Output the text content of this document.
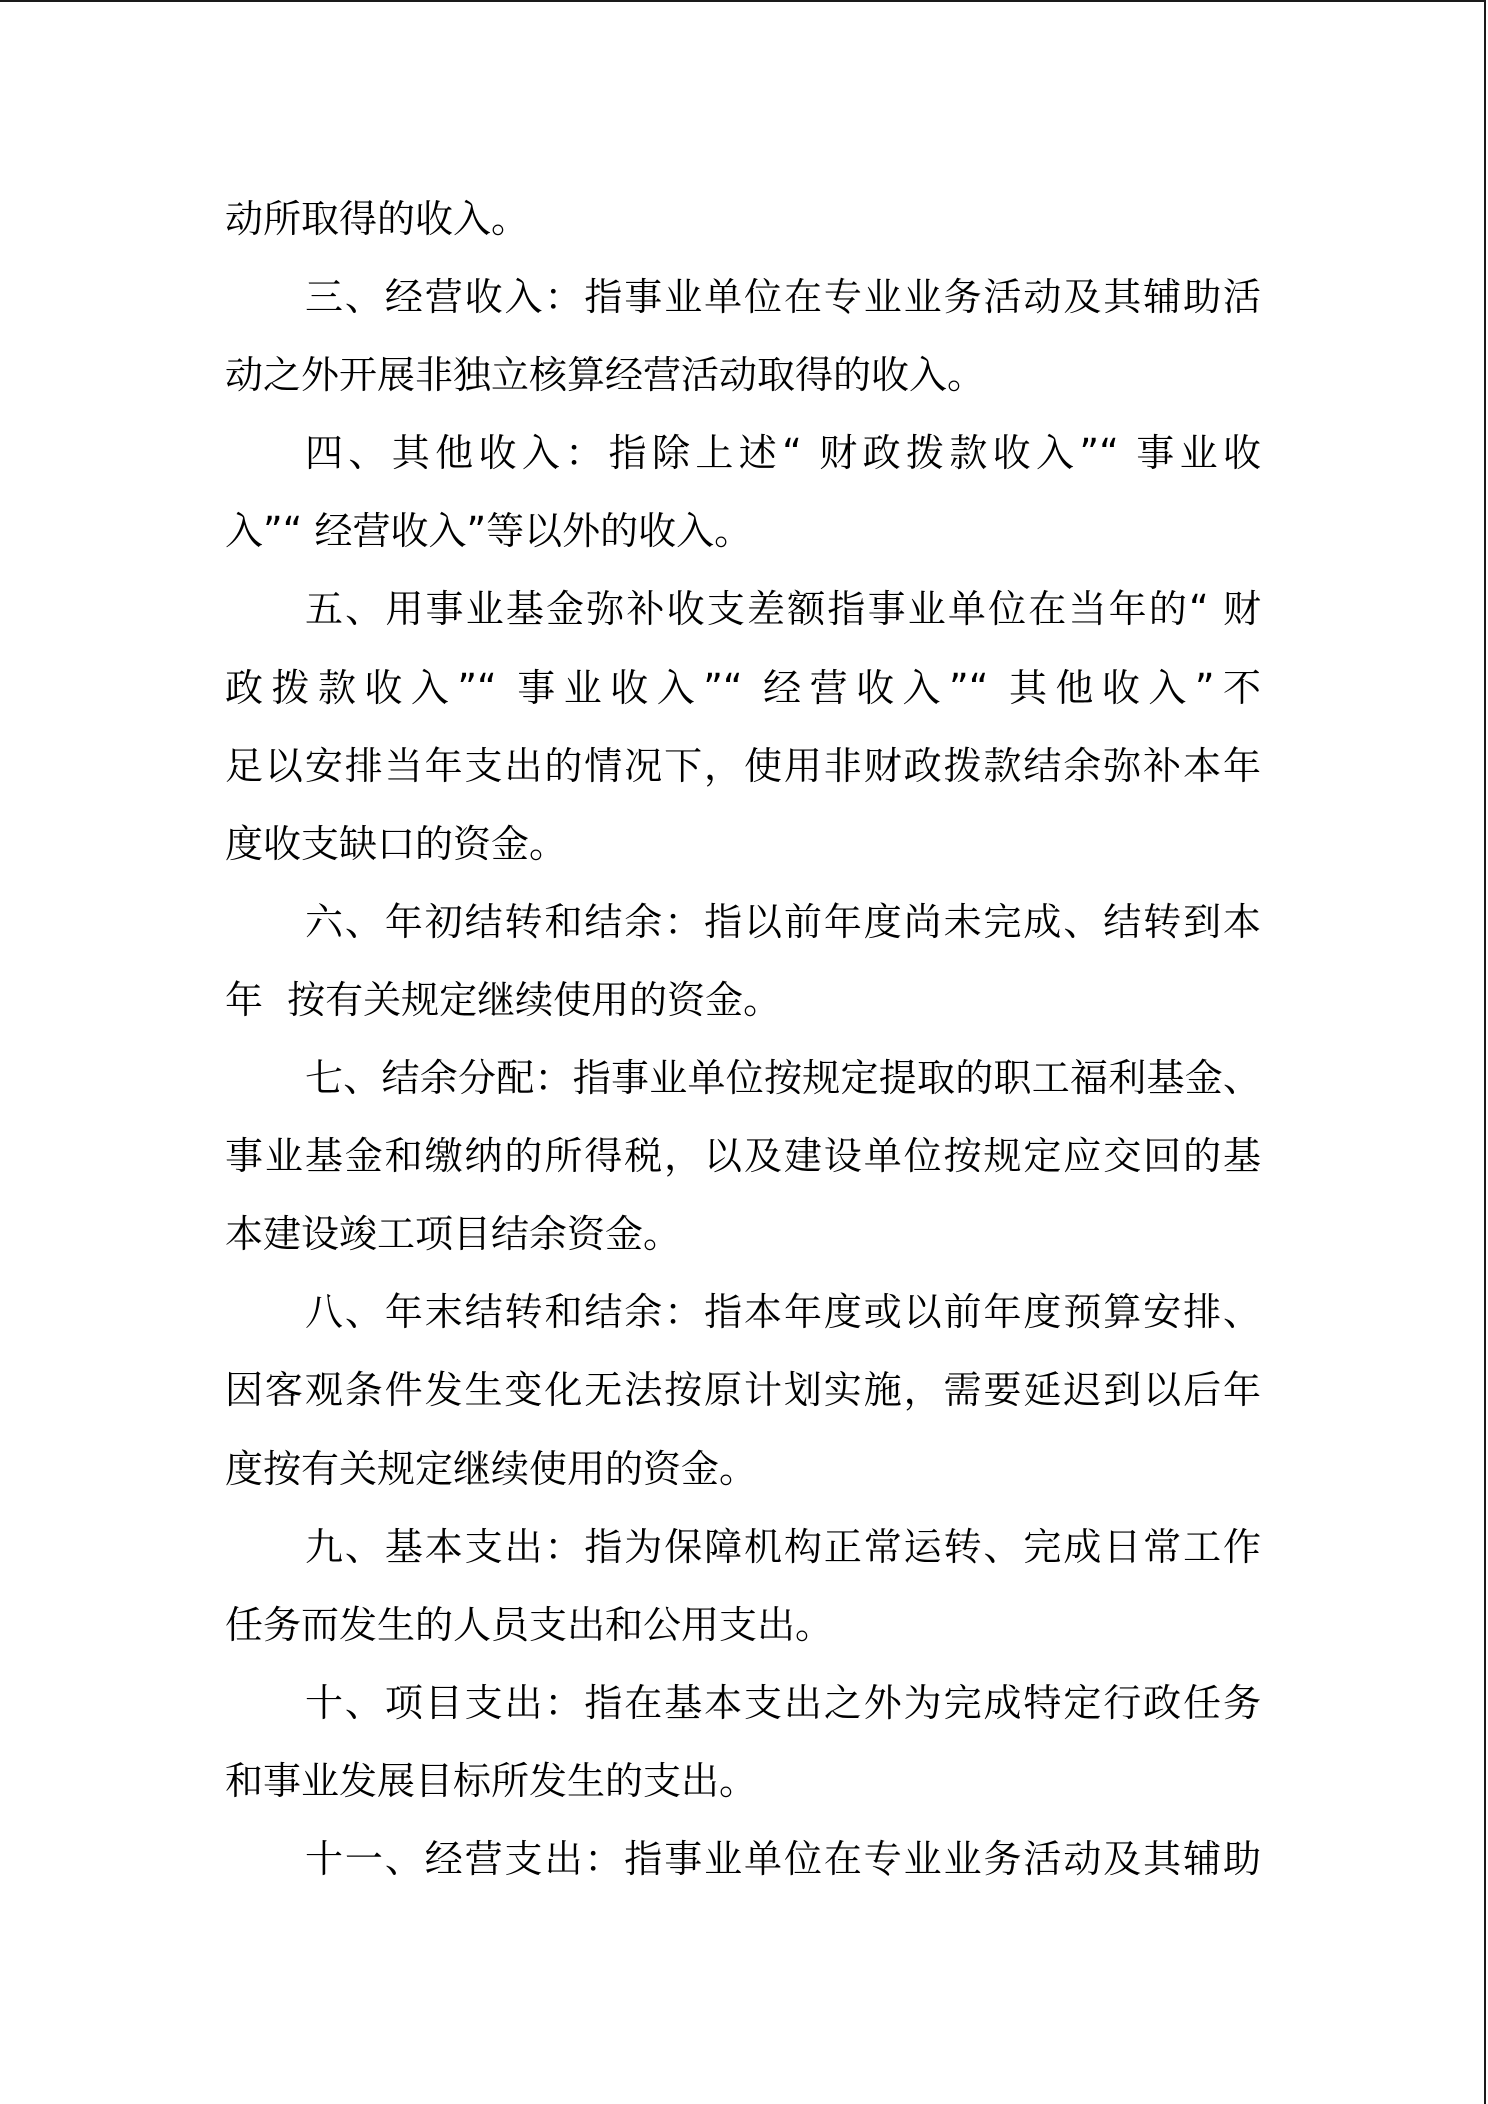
动所取得的收入。
三、经营收入：指事业单位在专业业务活动及其辅助活
动之外开展非独立核算经营活动取得的收入。
四、其他收入：指除上述“ 财政拨款收入”“ 事业收
入”“ 经营收入”等以外的收入。
五、用事业基金弥补收支差额指事业单位在当年的“ 财
政拨款收入”“ 事业收入”“ 经营收入”“ 其他收入”不
足以安排当年支出的情况下，使用非财政拨款结余弥补本年
度收支缺口的资金。
六、年初结转和结余：指以前年度尚未完成、结转到本
年  按有关规定继续使用的资金。
七、结余分配：指事业单位按规定提取的职工福利基金、
事业基金和缴纳的所得税，以及建设单位按规定应交回的基
本建设竣工项目结余资金。
八、年末结转和结余：指本年度或以前年度预算安排、
因客观条件发生变化无法按原计划实施，需要延迟到以后年
度按有关规定继续使用的资金。
九、基本支出：指为保障机构正常运转、完成日常工作
任务而发生的人员支出和公用支出。
十、项目支出：指在基本支出之外为完成特定行政任务
和事业发展目标所发生的支出。
十一、经营支出：指事业单位在专业业务活动及其辅助
